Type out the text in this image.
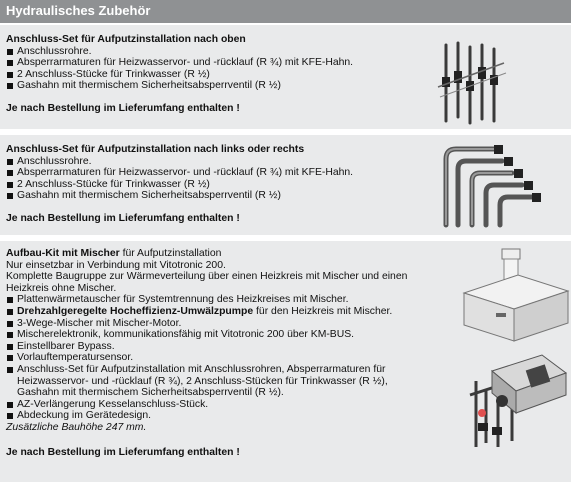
Hydraulisches Zubehör
Anschluss-Set für Aufputzinstallation nach oben
Anschlussrohre.
Absperrarmaturen für Heizwasservor- und -rücklauf (R ¾) mit KFE-Hahn.
2 Anschluss-Stücke für Trinkwasser (R ½)
Gashahn mit thermischem Sicherheitsabsperrventil (R ½)
Je nach Bestellung im Lieferumfang enthalten !
Anschluss-Set für Aufputzinstallation nach links oder rechts
Anschlussrohre.
Absperrarmaturen für Heizwasservor- und -rücklauf (R ¾) mit KFE-Hahn.
2 Anschluss-Stücke für Trinkwasser (R ½)
Gashahn mit thermischem Sicherheitsabsperrventil (R ½)
Je nach Bestellung im Lieferumfang enthalten !
Aufbau-Kit mit Mischer für Aufputzinstallation
Nur einsetzbar in Verbindung mit Vitotronic 200.
Komplette Baugruppe zur Wärmeverteilung über einen Heizkreis mit Mischer und einen Heizkreis ohne Mischer.
Plattenwärmetauscher für Systemtrennung des Heizkreises mit Mischer.
Drehzahlgeregelte Hocheffizienz-Umwälzpumpe für den Heizkreis mit Mischer.
3-Wege-Mischer mit Mischer-Motor.
Mischerelektronik, kommunikationsfähig mit Vitotronic 200 über KM-BUS.
Einstellbarer Bypass.
Vorlauftemperatursensor.
Anschluss-Set für Aufputzinstallation mit Anschlussrohren, Absperrarmaturen für Heizwasservor- und -rücklauf (R ¾), 2 Anschluss-Stücken für Trinkwasser (R ½), Gashahn mit thermischem Sicherheitsabsperrventil (R ½).
AZ-Verlängerung Kesselanschluss-Stück.
Abdeckung im Gerätedesign.
Zusätzliche Bauhöhe 247 mm.
Je nach Bestellung im Lieferumfang enthalten !
